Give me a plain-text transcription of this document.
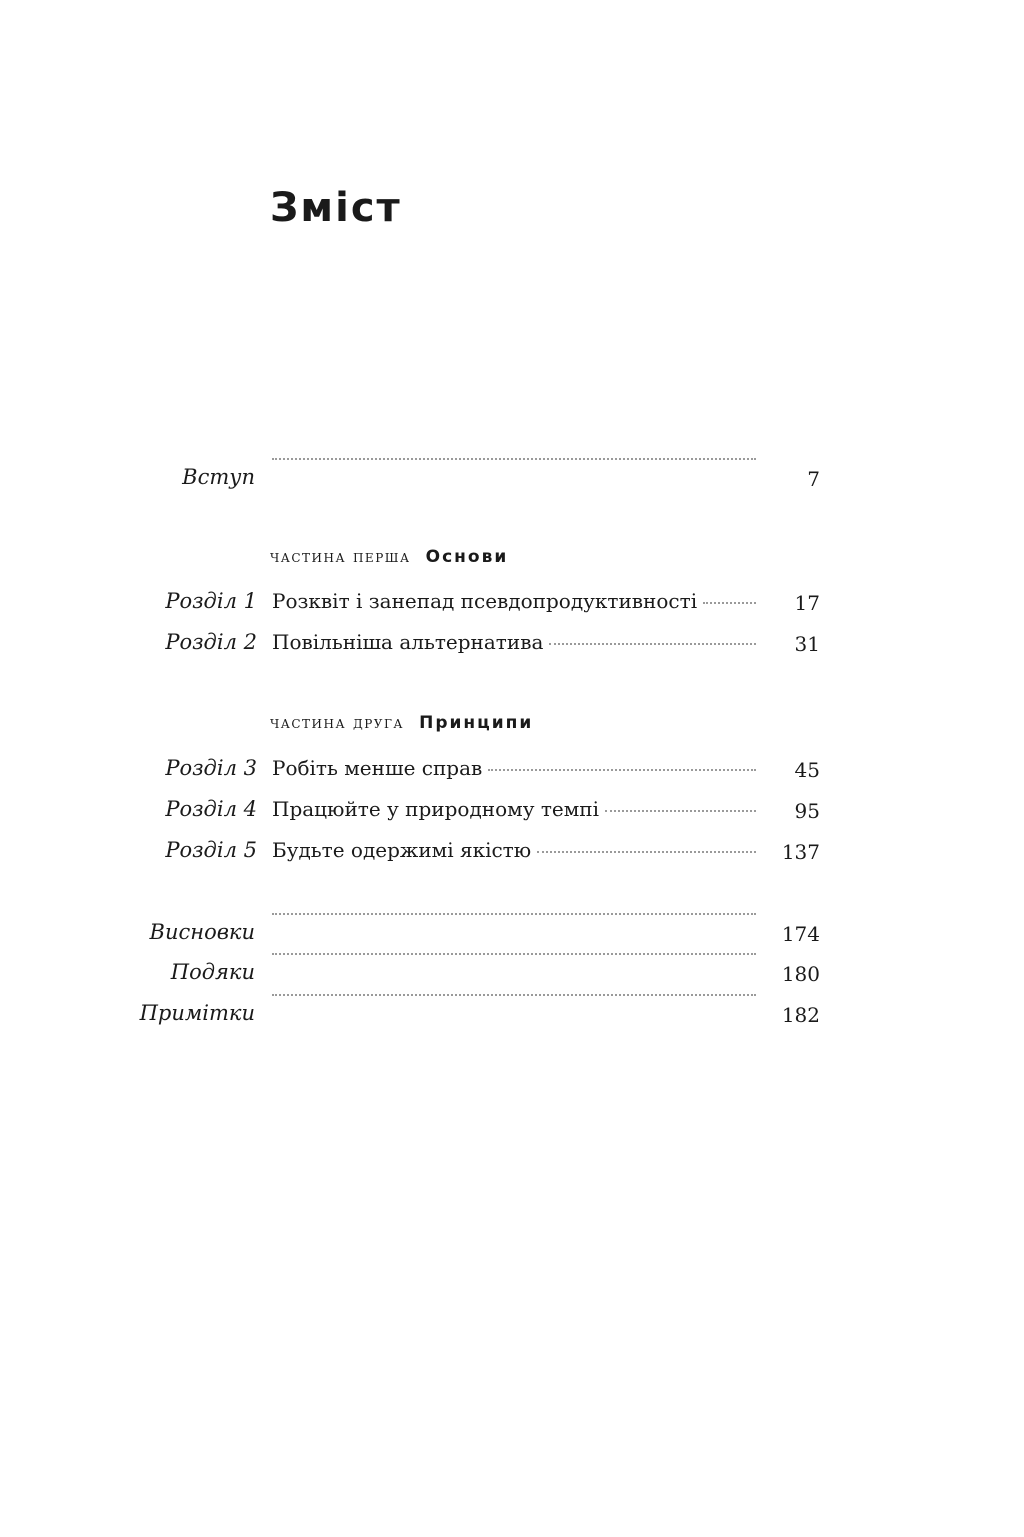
Зміст
Вступ	7
частина перша Основи
Розділ 1 Розквіт і занепад псевдопродуктивності	17
Розділ 2 Повільніша альтернатива	31
частина друга Принципи
Розділ 3 Робіть менше справ	45
Розділ 4 Працюйте у природному темпі	95
Розділ 5 Будьте одержимі якістю	137
Висновки	174
Подяки	180
Примітки	182
